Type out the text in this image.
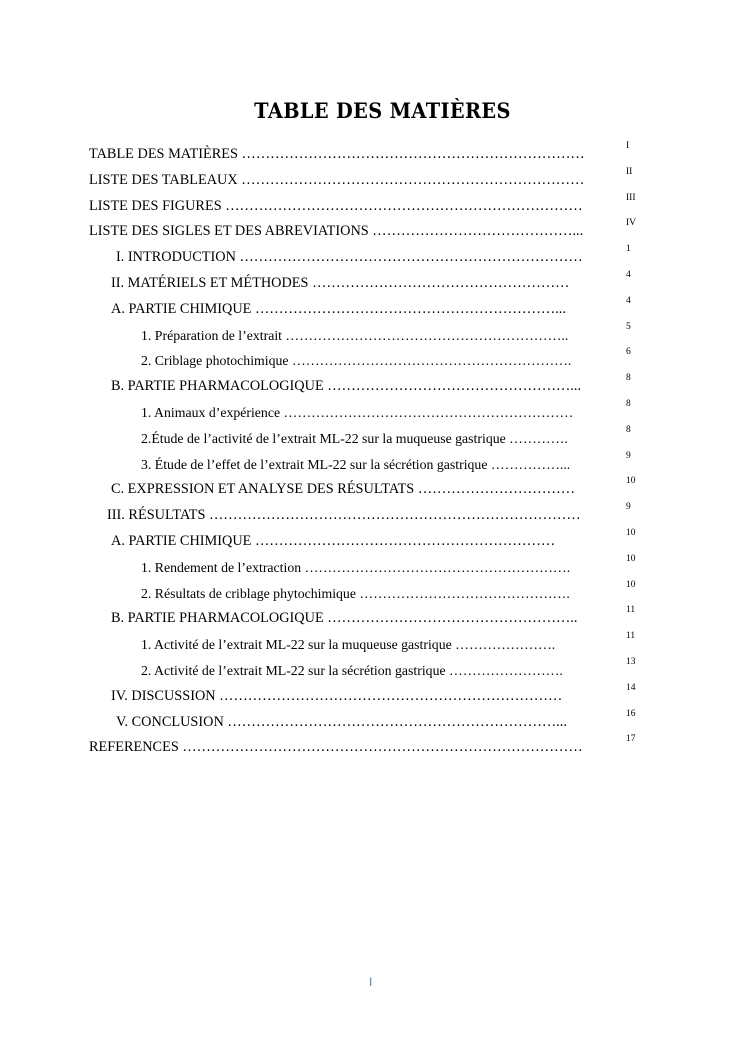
TABLE DES MATIÈRES
TABLE DES MATIÈRES ………………………………………………………………	I
LISTE DES TABLEAUX ………………………………………………………………	II
LISTE DES FIGURES …………………………………………………………………	III
LISTE DES SIGLES ET DES ABREVIATIONS ……………………………………...	IV
I. INTRODUCTION ………………………………………………………………	1
II. MATÉRIELS ET MÉTHODES ………………………………………………	4
A. PARTIE CHIMIQUE ………………………………………………………...	4
1. Préparation de l’extrait ……………………………………………………..
5
2. Criblage photochimique …………………………………………………….
6
B. PARTIE PHARMACOLOGIQUE ……………………………………………...	8
1. Animaux d’expérience ………………………………………………………
8
2.Étude de l’activité de l’extrait ML-22 sur la muqueuse gastrique ………….
8
3. Étude de l’effet de l’extrait ML-22 sur la sécrétion gastrique ……………...
9
C. EXPRESSION ET ANALYSE DES RÉSULTATS ……………………………	10
III. RÉSULTATS ……………………………………………………………………	9
A. PARTIE CHIMIQUE ………………………………………………………	10
1. Rendement de l’extraction ………………………………………………….
10
2. Résultats de criblage phytochimique ……………………………………….
10
B. PARTIE PHARMACOLOGIQUE ……………………………………………..	11
1. Activité de l’extrait ML-22 sur la muqueuse gastrique ………………….
11
2. Activité de l’extrait ML-22 sur la sécrétion gastrique …………………….
13
IV. DISCUSSION ………………………………………………………………	14
V. CONCLUSION ……………………………………………………………...	16
REFERENCES …………………………………………………………………………	17
I
